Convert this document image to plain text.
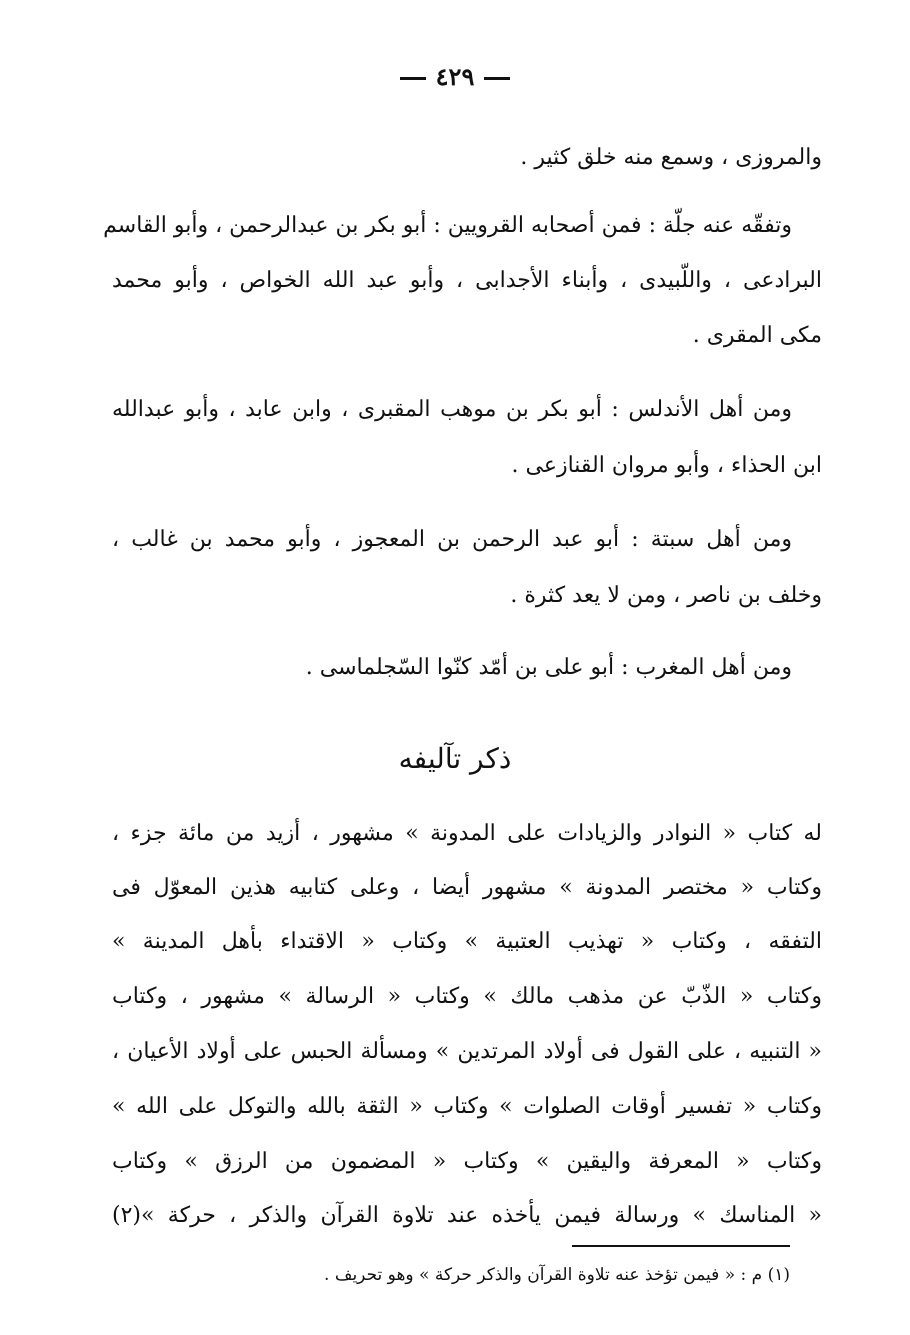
٤٢٩
والمروزى ، وسمع منه خلق كثير .
وتفقّه عنه جلّة : فمن أصحابه القرويين : أبو بكر بن عبدالرحمن ، وأبو القاسم
البرادعى ، واللّبيدى ، وأبناء الأجدابى ، وأبو عبد الله الخواص ، وأبو محمد
مكى المقرى .
ومن أهل الأندلس : أبو بكر بن موهب المقبرى ، وابن عابد ، وأبو عبدالله
ابن الحذاء ، وأبو مروان القنازعى .
ومن أهل سبتة : أبو عبد الرحمن بن المعجوز ، وأبو محمد بن غالب ،
وخلف بن ناصر ، ومن لا يعد كثرة .
ومن أهل المغرب : أبو على بن أمّد كنّوا السّجلماسى .
ذكر تآليفه
له كتاب « النوادر والزيادات على المدونة » مشهور ، أزيد من مائة جزء ،
وكتاب « مختصر المدونة » مشهور أيضا ، وعلى كتابيه هذين المعوّل فى
التفقه ، وكتاب « تهذيب العتبية » وكتاب « الاقتداء بأهل المدينة »
وكتاب « الذّبّ عن مذهب مالك » وكتاب « الرسالة » مشهور ، وكتاب
« التنبيه ، على القول فى أولاد المرتدين » ومسألة الحبس على أولاد الأعيان ،
وكتاب « تفسير أوقات الصلوات » وكتاب « الثقة بالله والتوكل على الله »
وكتاب « المعرفة واليقين » وكتاب « المضمون من الرزق » وكتاب
« المناسك » ورسالة فيمن يأخذه عند تلاوة القرآن والذكر ، حركة »(٢)
(١) م : « فيمن تؤخذ عنه تلاوة القرآن والذكر حركة » وهو تحريف .
